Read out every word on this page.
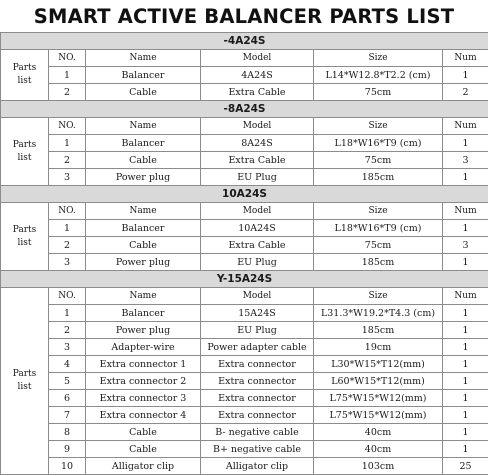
SMART ACTIVE BALANCER PARTS LIST
-4A24S					

Parts
list	NO.	Name	Model	Size	Num
	1	Balancer	4A24S	L14*W12.8*T2.2 (cm)	1
	2	Cable	Extra Cable	75cm	2
-8A24S					

Parts
list	NO.	Name	Model	Size	Num
	1	Balancer	8A24S	L18*W16*T9 (cm)	1
	2	Cable	Extra Cable	75cm	3
	3	Power plug	EU Plug	185cm	1
10A24S					

Parts
list	NO.	Name	Model	Size	Num
	1	Balancer	10A24S	L18*W16*T9 (cm)	1
	2	Cable	Extra Cable	75cm	3
	3	Power plug	EU Plug	185cm	1
Y-15A24S					

Parts
list	NO.	Name	Model	Size	Num
	1	Balancer	15A24S	L31.3*W19.2*T4.3 (cm)	1
	2	Power plug	EU Plug	185cm	1
	3	Adapter-wire	Power adapter cable	19cm	1
	4	Extra connector 1	Extra connector	L30*W15*T12(mm)	1
	5	Extra connector 2	Extra connector	L60*W15*T12(mm)	1
	6	Extra connector 3	Extra connector	L75*W15*W12(mm)	1
	7	Extra connector 4	Extra connector	L75*W15*W12(mm)	1
	8	Cable	B- negative cable	40cm	1
	9	Cable	B+ negative cable	40cm	1
	10	Alligator clip	Alligator clip	103cm	25
